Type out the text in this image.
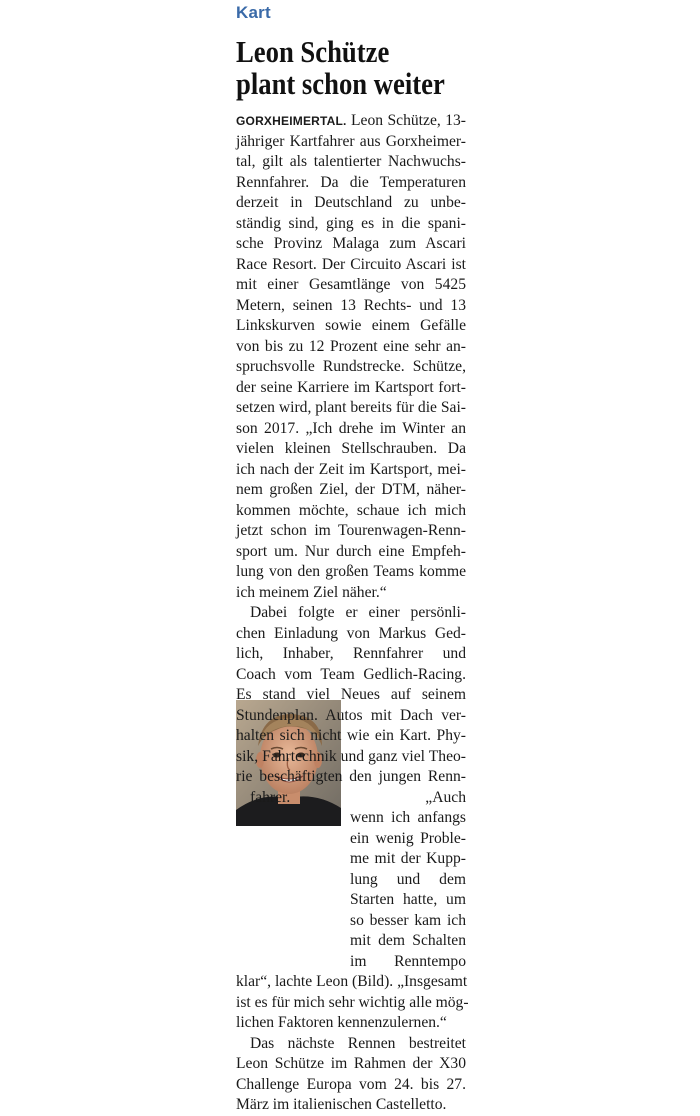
Kart
Leon Schütze
plant schon weiter
GORXHEIMERTAL. Leon Schütze, 13-
jähriger Kartfahrer aus Gorxheimer-
tal, gilt als talentierter Nachwuchs-
Rennfahrer. Da die Temperaturen
derzeit in Deutschland zu unbe-
ständig sind, ging es in die spani-
sche Provinz Malaga zum Ascari
Race Resort. Der Circuito Ascari ist
mit einer Gesamtlänge von 5425
Metern, seinen 13 Rechts- und 13
Linkskurven sowie einem Gefälle
von bis zu 12 Prozent eine sehr an-
spruchsvolle Rundstrecke. Schütze,
der seine Karriere im Kartsport fort-
setzen wird, plant bereits für die Sai-
son 2017. „Ich drehe im Winter an
vielen kleinen Stellschrauben. Da
ich nach der Zeit im Kartsport, mei-
nem großen Ziel, der DTM, näher-
kommen möchte, schaue ich mich
jetzt schon im Tourenwagen-Renn-
sport um. Nur durch eine Empfeh-
lung von den großen Teams komme
ich meinem Ziel näher.“
Dabei folgte er einer persönli-
chen Einladung von Markus Ged-
lich, Inhaber, Rennfahrer und
Coach vom Team Gedlich-Racing.
Es stand viel Neues auf seinem
Stundenplan. Autos mit Dach ver-
halten sich nicht wie ein Kart. Phy-
sik, Fahrtechnik und ganz viel Theo-
rie beschäftigten den jungen Renn-
fahrer.	„Auch
wenn ich anfangs
ein wenig Proble-
me mit der Kupp-
lung und dem
Starten hatte, um
so besser kam ich
mit dem Schalten
im Renntempo
klar“, lachte Leon (Bild). „Insgesamt
ist es für mich sehr wichtig alle mög-
lichen Faktoren kennenzulernen.“
Das nächste Rennen bestreitet
Leon Schütze im Rahmen der X30
Challenge Europa vom 24. bis 27.
März im italienischen Castelletto.
